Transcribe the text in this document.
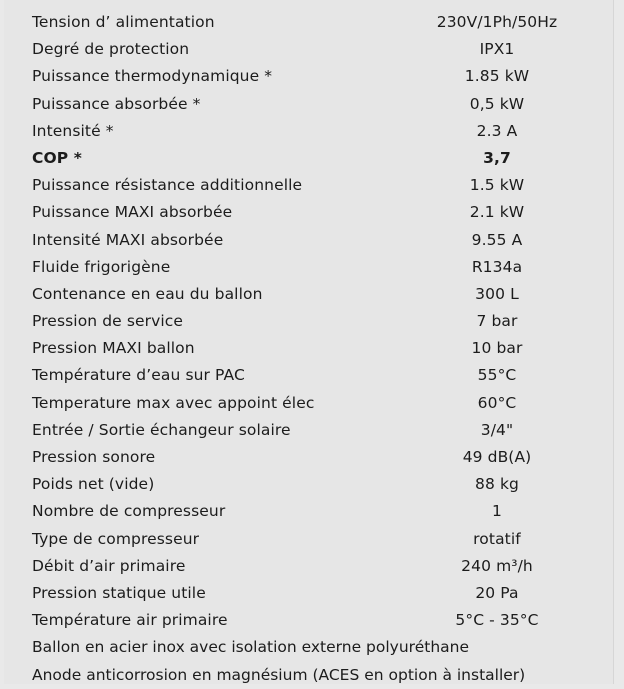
Tension d’ alimentation	230V/1Ph/50Hz
Degré de protection	IPX1
Puissance thermodynamique *	1.85 kW
Puissance absorbée *	0,5 kW
Intensité *	2.3 A
COP *	3,7
Puissance résistance additionnelle	1.5 kW
Puissance MAXI absorbée	2.1 kW
Intensité MAXI absorbée	9.55 A
Fluide frigorigène	R134a
Contenance en eau du ballon	300 L
Pression de service	7 bar
Pression MAXI ballon	10 bar
Température d’eau sur PAC	55°C
Temperature max avec appoint élec	60°C
Entrée / Sortie échangeur solaire	3/4"
Pression sonore	49 dB(A)
Poids net (vide)	88 kg
Nombre de compresseur	1
Type de compresseur	rotatif
Débit d’air primaire	240 m³/h
Pression statique utile	20 Pa
Température air primaire	5°C - 35°C
Ballon en acier inox avec isolation externe polyuréthane
Anode anticorrosion en magnésium (ACES en option à installer)
